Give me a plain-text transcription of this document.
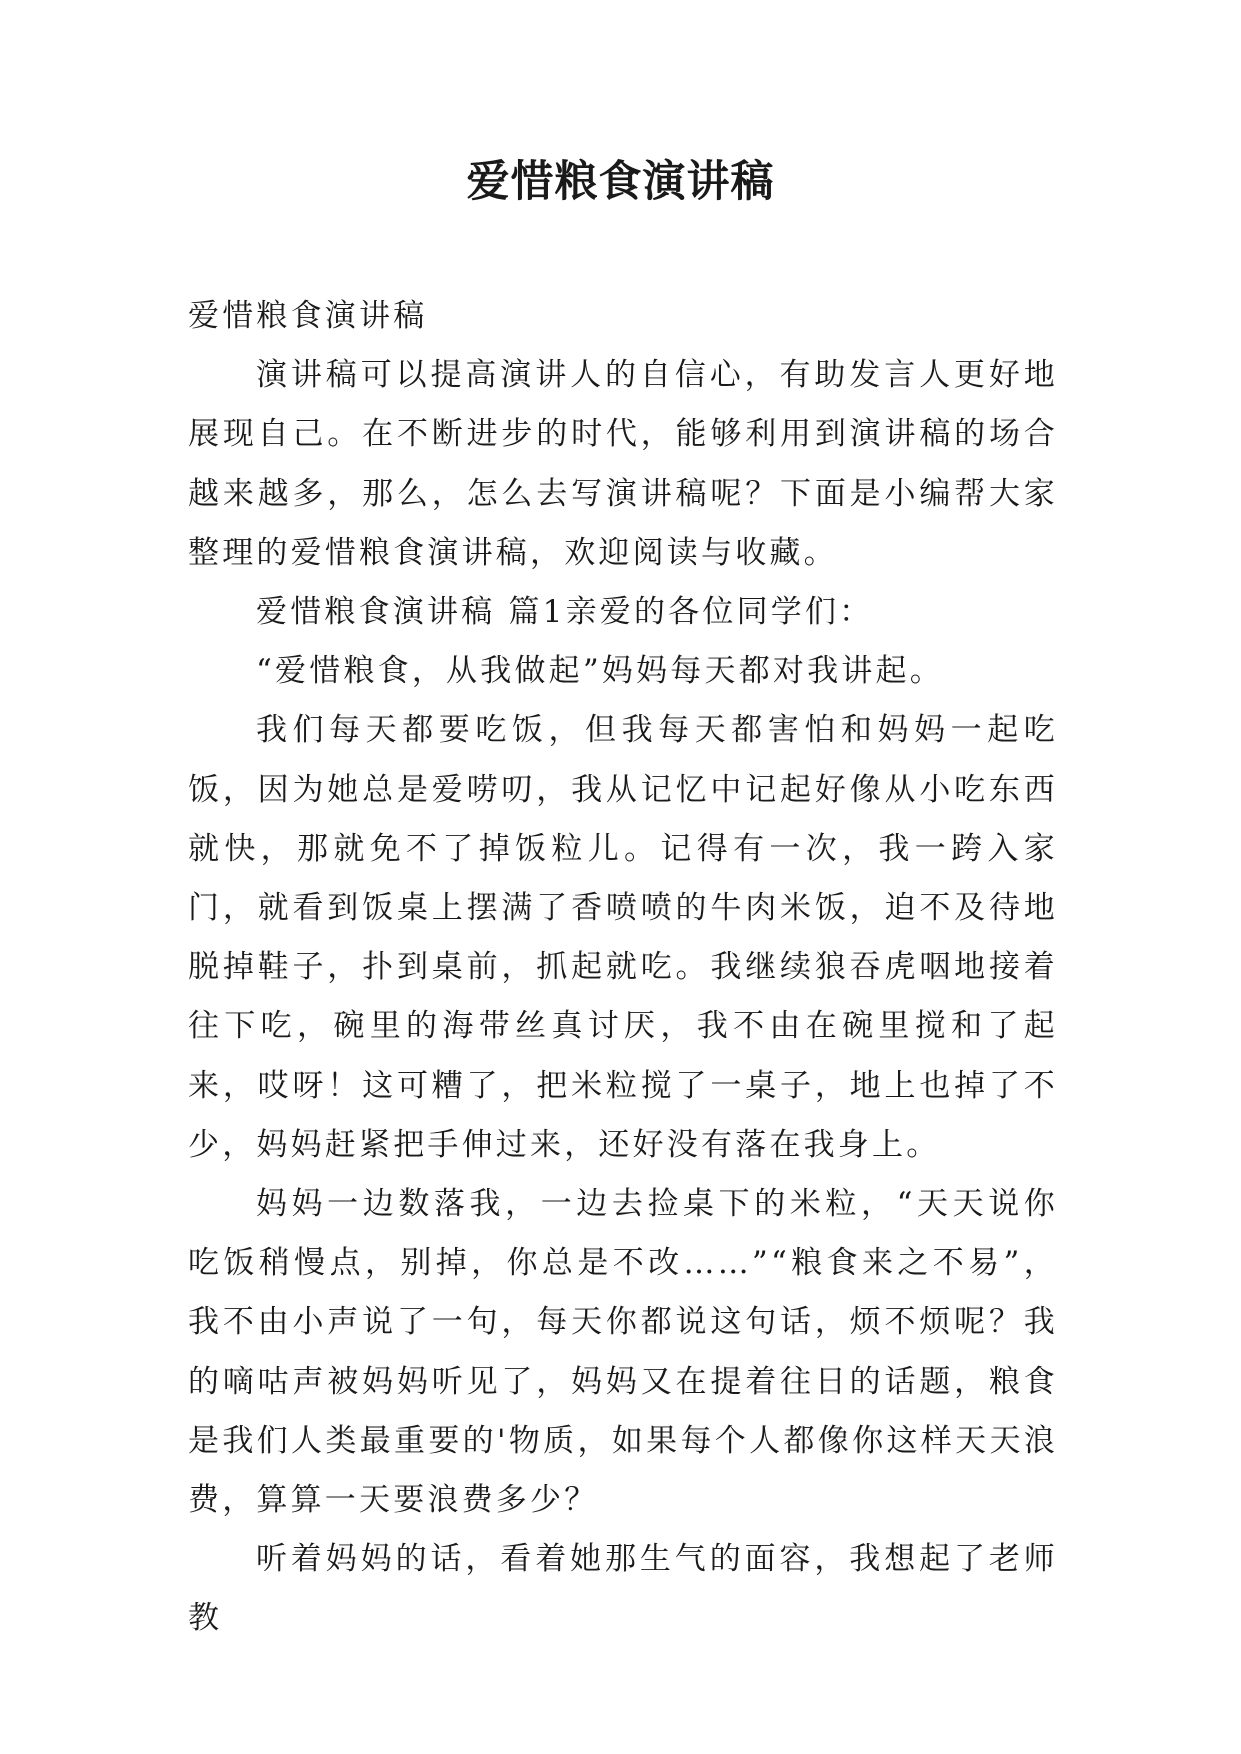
爱惜粮食演讲稿

爱惜粮食演讲稿

演讲稿可以提高演讲人的自信心，有助发言人更好地展现自己。在不断进步的时代，能够利用到演讲稿的场合越来越多，那么，怎么去写演讲稿呢？下面是小编帮大家整理的爱惜粮食演讲稿，欢迎阅读与收藏。

爱惜粮食演讲稿 篇1亲爱的各位同学们：

“爱惜粮食，从我做起”妈妈每天都对我讲起。

我们每天都要吃饭，但我每天都害怕和妈妈一起吃饭，因为她总是爱唠叨，我从记忆中记起好像从小吃东西就快，那就免不了掉饭粒儿。记得有一次，我一跨入家门，就看到饭桌上摆满了香喷喷的牛肉米饭，迫不及待地脱掉鞋子，扑到桌前，抓起就吃。我继续狼吞虎咽地接着往下吃，碗里的海带丝真讨厌，我不由在碗里搅和了起来，哎呀！这可糟了，把米粒搅了一桌子，地上也掉了不少，妈妈赶紧把手伸过来，还好没有落在我身上。

妈妈一边数落我，一边去捡桌下的米粒，“天天说你吃饭稍慢点，别掉，你总是不改……”“粮食来之不易”，我不由小声说了一句，每天你都说这句话，烦不烦呢？我的嘀咕声被妈妈听见了，妈妈又在提着往日的话题，粮食是我们人类最重要的'物质，如果每个人都像你这样天天浪费，算算一天要浪费多少？

听着妈妈的话，看着她那生气的面容，我想起了老师教
